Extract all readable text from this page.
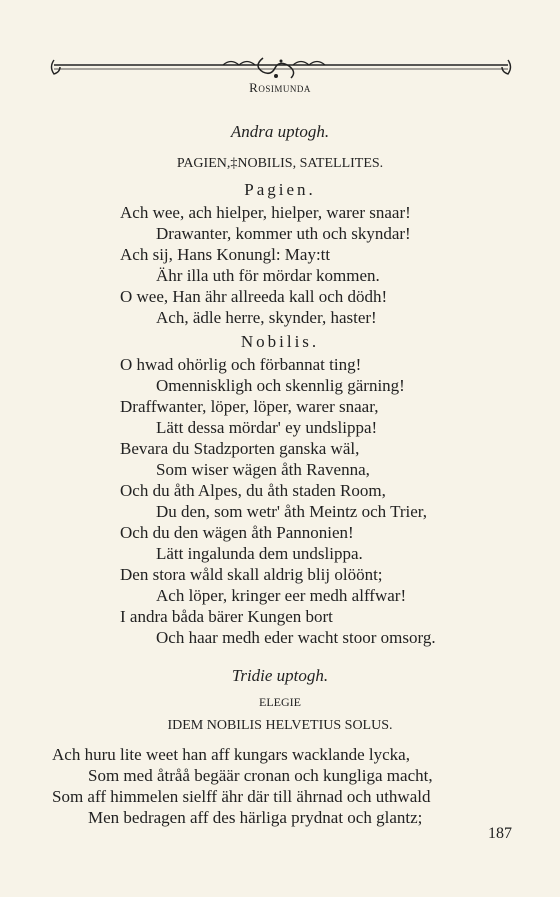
Rosimunda
Andra uptogh.
PAGIEN,‡NOBILIS, SATELLITES.
Pagien.
Ach wee, ach hielper, hielper, warer snaar!
Drawanter, kommer uth och skyndar!
Ach sij, Hans Konungl: May:tt
Ähr illa uth för mördar kommen.
O wee, Han ähr allreeda kall och dödh!
Ach, ädle herre, skynder, haster!
Nobilis.
O hwad ohörlig och förbannat ting!
Omenniskligh och skennlig gärning!
Draffwanter, löper, löper, warer snaar,
Lätt dessa mördar' ey undslippa!
Bevara du Stadzporten ganska wäl,
Som wiser wägen åth Ravenna,
Och du åth Alpes, du åth staden Room,
Du den, som wetr' åth Meintz och Trier,
Och du den wägen åth Pannonien!
Lätt ingalunda dem undslippa.
Den stora wåld skall aldrig blij olöönt;
Ach löper, kringer eer medh alffwar!
I andra båda bärer Kungen bort
Och haar medh eder wacht stoor omsorg.
Tridie uptogh.
ELEGIE
IDEM NOBILIS HELVETIUS SOLUS.
Ach huru lite weet han aff kungars wacklande lycka,
Som med åtråå begäär cronan och kungliga macht,
Som aff himmelen sielff ähr där till ährnad och uthwald
Men bedragen aff des härliga prydnat och glantz;
187
